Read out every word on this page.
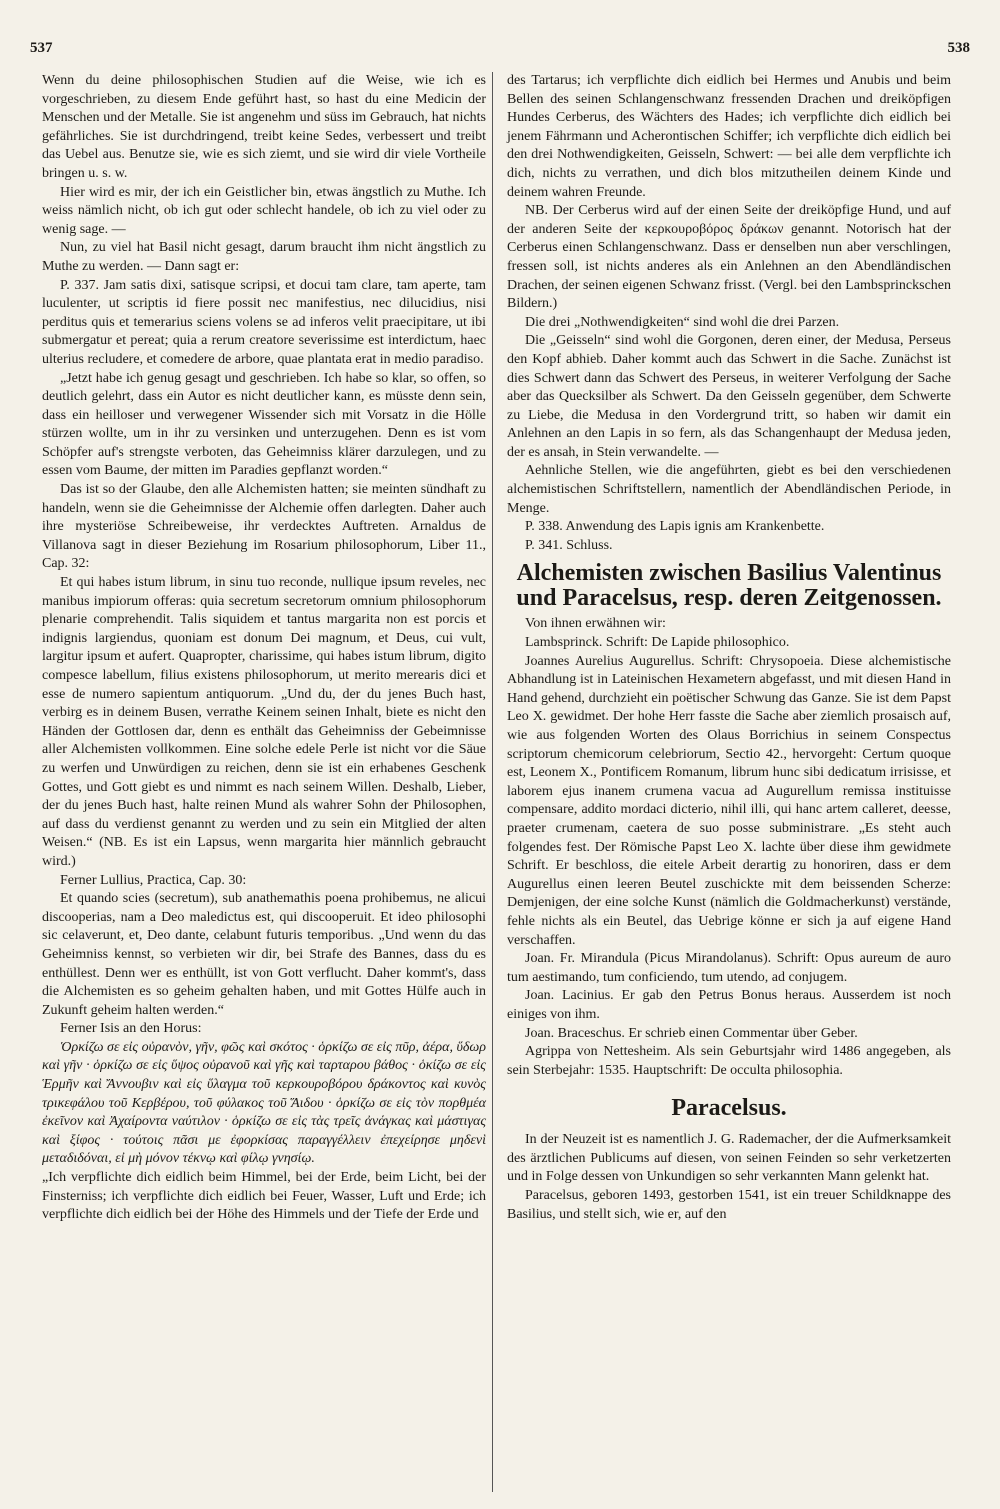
537	538

Wenn du deine philosophischen Studien auf die Weise, wie ich es vorgeschrieben, zu diesem Ende geführt hast, so hast du eine Medicin der Menschen und der Metalle. Sie ist angenehm und süss im Gebrauch, hat nichts gefährliches. Sie ist durchdringend, treibt keine Sedes, verbessert und treibt das Uebel aus. Benutze sie, wie es sich ziemt, und sie wird dir viele Vortheile bringen u. s. w.

Hier wird es mir, der ich ein Geistlicher bin, etwas ängstlich zu Muthe. Ich weiss nämlich nicht, ob ich gut oder schlecht handele, ob ich zu viel oder zu wenig sage. —

Nun, zu viel hat Basil nicht gesagt, darum braucht ihm nicht ängstlich zu Muthe zu werden. — Dann sagt er:

P. 337. Jam satis dixi, satisque scripsi, et docui tam clare, tam aperte, tam luculenter, ut scriptis id fiere possit nec manifestius, nec dilucidius, nisi perditus quis et temerarius sciens volens se ad inferos velit praecipitare, ut ibi submergatur et pereat; quia a rerum creatore severissime est interdictum, haec ulterius recludere, et comedere de arbore, quae plantata erat in medio paradiso.

„Jetzt habe ich genug gesagt und geschrieben. Ich habe so klar, so offen, so deutlich gelehrt, dass ein Autor es nicht deutlicher kann, es müsste denn sein, dass ein heilloser und verwegener Wissender sich mit Vorsatz in die Hölle stürzen wollte, um in ihr zu versinken und unterzugehen. Denn es ist vom Schöpfer auf's strengste verboten, das Geheimniss klärer darzulegen, und zu essen vom Baume, der mitten im Paradies gepflanzt worden.“

Das ist so der Glaube, den alle Alchemisten hatten; sie meinten sündhaft zu handeln, wenn sie die Geheimnisse der Alchemie offen darlegten. Daher auch ihre mysteriöse Schreibeweise, ihr verdecktes Auftreten. Arnaldus de Villanova sagt in dieser Beziehung im Rosarium philosophorum, Liber 11., Cap. 32:

Et qui habes istum librum, in sinu tuo reconde, nullique ipsum reveles, nec manibus impiorum offeras: quia secretum secretorum omnium philosophorum plenarie comprehendit. Talis siquidem et tantus margarita non est porcis et indignis largiendus, quoniam est donum Dei magnum, et Deus, cui vult, largitur ipsum et aufert. Quapropter, charissime, qui habes istum librum, digito compesce labellum, filius existens philosophorum, ut merito merearis dici et esse de numero sapientum antiquorum. „Und du, der du jenes Buch hast, verbirg es in deinem Busen, verrathe Keinem seinen Inhalt, biete es nicht den Händen der Gottlosen dar, denn es enthält das Geheimniss der Gebeimnisse aller Alchemisten vollkommen. Eine solche edele Perle ist nicht vor die Säue zu werfen und Unwürdigen zu reichen, denn sie ist ein erhabenes Geschenk Gottes, und Gott giebt es und nimmt es nach seinem Willen. Deshalb, Lieber, der du jenes Buch hast, halte reinen Mund als wahrer Sohn der Philosophen, auf dass du verdienst genannt zu werden und zu sein ein Mitglied der alten Weisen.“ (NB. Es ist ein Lapsus, wenn margarita hier männlich gebraucht wird.)

Ferner Lullius, Practica, Cap. 30:

Et quando scies (secretum), sub anathemathis poena prohibemus, ne alicui discooperias, nam a Deo maledictus est, qui discooperuit. Et ideo philosophi sic celaverunt, et, Deo dante, celabunt futuris temporibus. „Und wenn du das Geheimniss kennst, so verbieten wir dir, bei Strafe des Bannes, dass du es enthüllest. Denn wer es enthüllt, ist von Gott verflucht. Daher kommt's, dass die Alchemisten es so geheim gehalten haben, und mit Gottes Hülfe auch in Zukunft geheim halten werden.“

Ferner Isis an den Horus:

Ὁρκίζω σε εἰς οὐρανὸν, γῆν, φῶς καὶ σκότος · ὁρκίζω σε εἰς πῦρ, ἀέρα, ὕδωρ καὶ γῆν · ὁρκίζω σε εἰς ὕψος οὐρανοῦ καὶ γῆς καὶ ταρταρου βάθος · ὁκίζω σε εἰς Ἑρμῆν καὶ Ἄννουβιν καὶ εἰς ὕλαγμα τοῦ κερκουροβόρου δράκοντος καὶ κυνὸς τρικεφάλου τοῦ Κερβέρου, τοῦ φύλακος τοῦ Ἅιδου · ὁρκίζω σε εἰς τὸν πορθμέα ἐκεῖνον καὶ Ἀχαίροντα ναύτιλον · ὁρκίζω σε εἰς τὰς τρεῖς ἀνάγκας καὶ μάστιγας καὶ ξίφος · τούτοις πᾶσι με ἐφορκίσας παραγγέλλειν ἐπεχείρησε μηδενὶ μεταδιδόναι, εἰ μὴ μόνον τέκνῳ καὶ φίλῳ γνησίῳ.

„Ich verpflichte dich eidlich beim Himmel, bei der Erde, beim Licht, bei der Finsterniss; ich verpflichte dich eidlich bei Feuer, Wasser, Luft und Erde; ich verpflichte dich eidlich bei der Höhe des Himmels und der Tiefe der Erde und

des Tartarus; ich verpflichte dich eidlich bei Hermes und Anubis und beim Bellen des seinen Schlangenschwanz fressenden Drachen und dreiköpfigen Hundes Cerberus, des Wächters des Hades; ich verpflichte dich eidlich bei jenem Fährmann und Acherontischen Schiffer; ich verpflichte dich eidlich bei den drei Nothwendigkeiten, Geisseln, Schwert: — bei alle dem verpflichte ich dich, nichts zu verrathen, und dich blos mitzutheilen deinem Kinde und deinem wahren Freunde.

NB. Der Cerberus wird auf der einen Seite der dreiköpfige Hund, und auf der anderen Seite der κερκουροβόρος δράκων genannt. Notorisch hat der Cerberus einen Schlangenschwanz. Dass er denselben nun aber verschlingen, fressen soll, ist nichts anderes als ein Anlehnen an den Abendländischen Drachen, der seinen eigenen Schwanz frisst. (Vergl. bei den Lambsprinckschen Bildern.)

Die drei „Nothwendigkeiten“ sind wohl die drei Parzen.

Die „Geisseln“ sind wohl die Gorgonen, deren einer, der Medusa, Perseus den Kopf abhieb. Daher kommt auch das Schwert in die Sache. Zunächst ist dies Schwert dann das Schwert des Perseus, in weiterer Verfolgung der Sache aber das Quecksilber als Schwert. Da den Geisseln gegenüber, dem Schwerte zu Liebe, die Medusa in den Vordergrund tritt, so haben wir damit ein Anlehnen an den Lapis in so fern, als das Schangenhaupt der Medusa jeden, der es ansah, in Stein verwandelte. —

Aehnliche Stellen, wie die angeführten, giebt es bei den verschiedenen alchemistischen Schriftstellern, namentlich der Abendländischen Periode, in Menge.

P. 338. Anwendung des Lapis ignis am Krankenbette.

P. 341. Schluss.

Alchemisten zwischen Basilius Valentinus und Paracelsus, resp. deren Zeitgenossen.

Von ihnen erwähnen wir:

Lambsprinck. Schrift: De Lapide philosophico.

Joannes Aurelius Augurellus. Schrift: Chrysopoeia. Diese alchemistische Abhandlung ist in Lateinischen Hexametern abgefasst, und mit diesen Hand in Hand gehend, durchzieht ein poëtischer Schwung das Ganze. Sie ist dem Papst Leo X. gewidmet. Der hohe Herr fasste die Sache aber ziemlich prosaisch auf, wie aus folgenden Worten des Olaus Borrichius in seinem Conspectus scriptorum chemicorum celebriorum, Sectio 42., hervorgeht: Certum quoque est, Leonem X., Pontificem Romanum, librum hunc sibi dedicatum irrisisse, et laborem ejus inanem crumena vacua ad Augurellum remissa instituisse compensare, addito mordaci dicterio, nihil illi, qui hanc artem calleret, deesse, praeter crumenam, caetera de suo posse subministrare. „Es steht auch folgendes fest. Der Römische Papst Leo X. lachte über diese ihm gewidmete Schrift. Er beschloss, die eitele Arbeit derartig zu honoriren, dass er dem Augurellus einen leeren Beutel zuschickte mit dem beissenden Scherze: Demjenigen, der eine solche Kunst (nämlich die Goldmacherkunst) verstände, fehle nichts als ein Beutel, das Uebrige könne er sich ja auf eigene Hand verschaffen.

Joan. Fr. Mirandula (Picus Mirandolanus). Schrift: Opus aureum de auro tum aestimando, tum conficiendo, tum utendo, ad conjugem.

Joan. Lacinius. Er gab den Petrus Bonus heraus. Ausserdem ist noch einiges von ihm.

Joan. Braceschus. Er schrieb einen Commentar über Geber.

Agrippa von Nettesheim. Als sein Geburtsjahr wird 1486 angegeben, als sein Sterbejahr: 1535. Hauptschrift: De occulta philosophia.

Paracelsus.

In der Neuzeit ist es namentlich J. G. Rademacher, der die Aufmerksamkeit des ärztlichen Publicums auf diesen, von seinen Feinden so sehr verketzerten und in Folge dessen von Unkundigen so sehr verkannten Mann gelenkt hat.

Paracelsus, geboren 1493, gestorben 1541, ist ein treuer Schildknappe des Basilius, und stellt sich, wie er, auf den
